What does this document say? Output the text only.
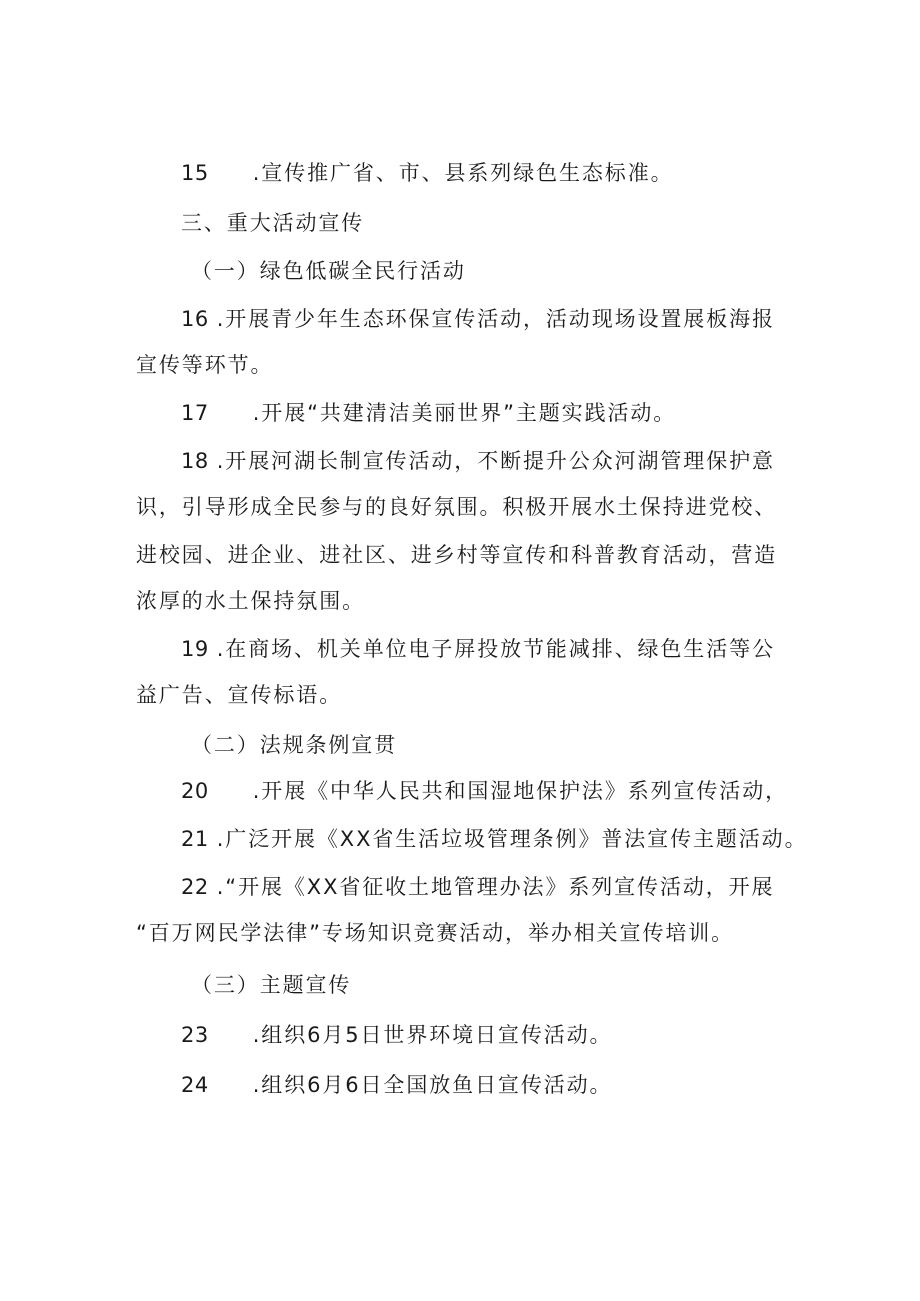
15 .宣传推广省、市、县系列绿色生态标准。
三、重大活动宣传
（一）绿色低碳全民行活动
16 .开展青少年生态环保宣传活动，活动现场设置展板海报
宣传等环节。
17 .开展“共建清洁美丽世界”主题实践活动。
18 .开展河湖长制宣传活动，不断提升公众河湖管理保护意
识，引导形成全民参与的良好氛围。积极开展水土保持进党校、
进校园、进企业、进社区、进乡村等宣传和科普教育活动，营造
浓厚的水土保持氛围。
19 .在商场、机关单位电子屏投放节能减排、绿色生活等公
益广告、宣传标语。
（二）法规条例宣贯
20 .开展《中华人民共和国湿地保护法》系列宣传活动，
21 .广泛开展《XX省生活垃圾管理条例》普法宣传主题活动。
22 .“开展《XX省征收土地管理办法》系列宣传活动，开展
“百万网民学法律”专场知识竞赛活动，举办相关宣传培训。
（三）主题宣传
23 .组织6月5日世界环境日宣传活动。
24 .组织6月6日全国放鱼日宣传活动。
